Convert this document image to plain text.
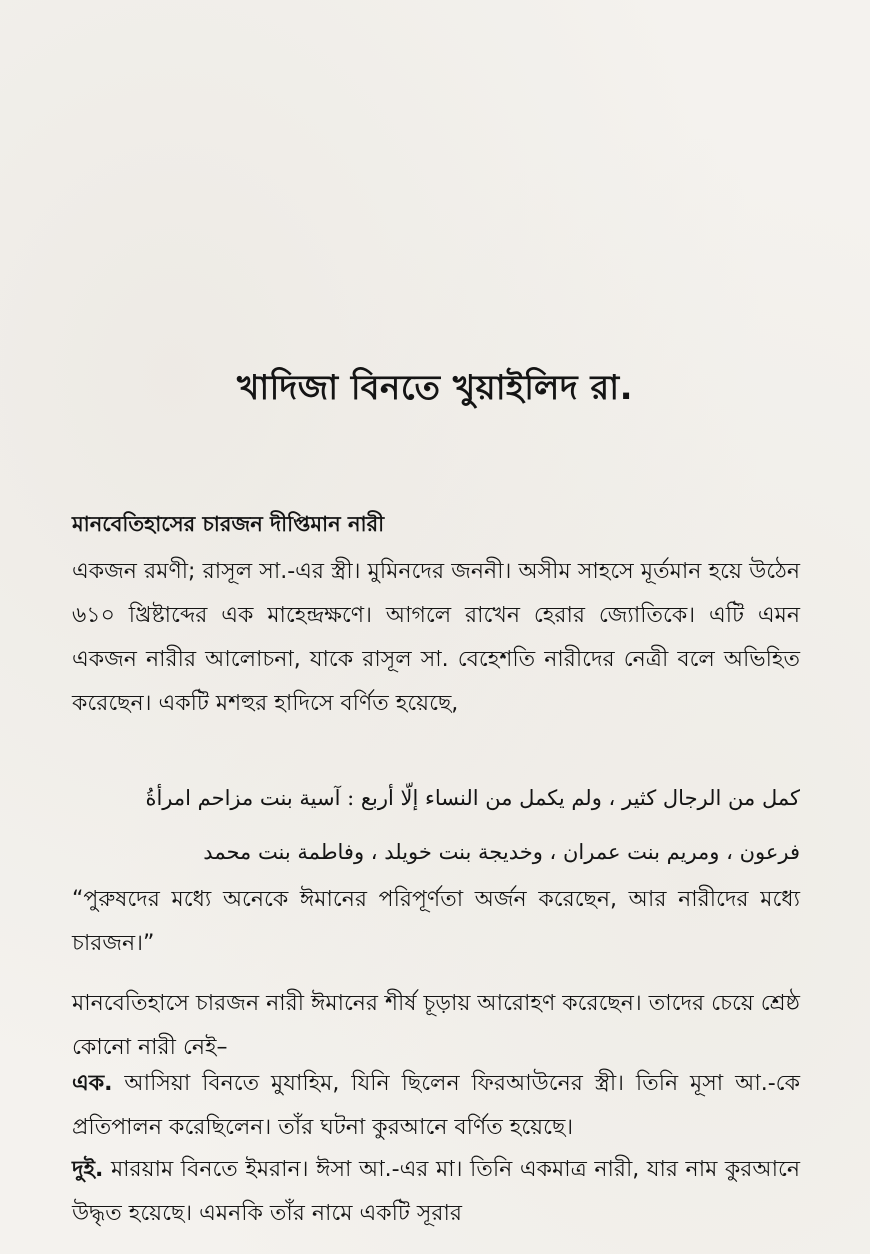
খাদিজা বিনতে খুয়াইলিদ রা.
মানবেতিহাসের চারজন দীপ্তিমান নারী

একজন রমণী; রাসূল সা.-এর স্ত্রী। মুমিনদের জননী। অসীম সাহসে মূর্তমান হয়ে উঠেন ৬১০ খ্রিষ্টাব্দের এক মাহেন্দ্রক্ষণে। আগলে রাখেন হেরার জ্যোতিকে। এটি এমন একজন নারীর আলোচনা, যাকে রাসূল সা. বেহেশতি নারীদের নেত্রী বলে অভিহিত করেছেন। একটি মশহুর হাদিসে বর্ণিত হয়েছে,

كمل من الرجال كثير ، ولم يكمل من النساء إلّا أربع : آسية بنت مزاحم امرأةُ

فرعون ، ومريم بنت عمران ، وخديجة بنت خويلد ، وفاطمة بنت محمد

“পুরুষদের মধ্যে অনেকে ঈমানের পরিপূর্ণতা অর্জন করেছেন, আর নারীদের মধ্যে চারজন।”

মানবেতিহাসে চারজন নারী ঈমানের শীর্ষ চূড়ায় আরোহণ করেছেন। তাদের চেয়ে শ্রেষ্ঠ কোনো নারী নেই–

এক. আসিয়া বিনতে মুযাহিম, যিনি ছিলেন ফিরআউনের স্ত্রী। তিনি মূসা আ.-কে প্রতিপালন করেছিলেন। তাঁর ঘটনা কুরআনে বর্ণিত হয়েছে।

দুই. মারয়াম বিনতে ইমরান। ঈসা আ.-এর মা। তিনি একমাত্র নারী, যার নাম কুরআনে উদ্ধৃত হয়েছে। এমনকি তাঁর নামে একটি সূরার
